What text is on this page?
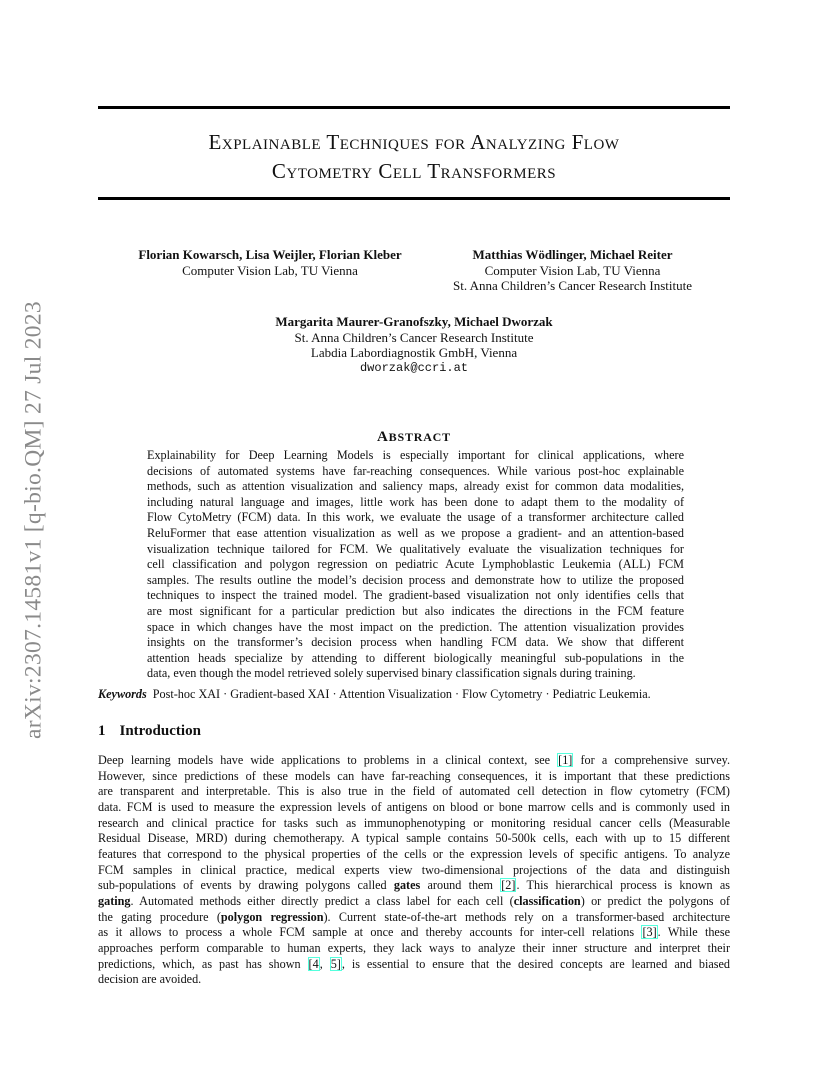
arXiv:2307.14581v1 [q-bio.QM] 27 Jul 2023
Explainable Techniques for Analyzing Flow
Cytometry Cell Transformers
Florian Kowarsch, Lisa Weijler, Florian Kleber
Computer Vision Lab, TU Vienna
Matthias Wödlinger, Michael Reiter
Computer Vision Lab, TU Vienna
St. Anna Children’s Cancer Research Institute
Margarita Maurer-Granofszky, Michael Dworzak
St. Anna Children’s Cancer Research Institute
Labdia Labordiagnostik GmbH, Vienna
dworzak@ccri.at
ABSTRACT
Explainability for Deep Learning Models is especially important for clinical applications, where
decisions of automated systems have far-reaching consequences. While various post-hoc explainable
methods, such as attention visualization and saliency maps, already exist for common data modalities,
including natural language and images, little work has been done to adapt them to the modality of
Flow CytoMetry (FCM) data. In this work, we evaluate the usage of a transformer architecture called
ReluFormer that ease attention visualization as well as we propose a gradient- and an attention-based
visualization technique tailored for FCM. We qualitatively evaluate the visualization techniques for
cell classification and polygon regression on pediatric Acute Lymphoblastic Leukemia (ALL) FCM
samples. The results outline the model’s decision process and demonstrate how to utilize the proposed
techniques to inspect the trained model. The gradient-based visualization not only identifies cells that
are most significant for a particular prediction but also indicates the directions in the FCM feature
space in which changes have the most impact on the prediction. The attention visualization provides
insights on the transformer’s decision process when handling FCM data. We show that different
attention heads specialize by attending to different biologically meaningful sub-populations in the
data, even though the model retrieved solely supervised binary classification signals during training.
Keywords Post-hoc XAI · Gradient-based XAI · Attention Visualization · Flow Cytometry · Pediatric Leukemia.
1 Introduction
Deep learning models have wide applications to problems in a clinical context, see [1] for a comprehensive survey.
However, since predictions of these models can have far-reaching consequences, it is important that these predictions
are transparent and interpretable. This is also true in the field of automated cell detection in flow cytometry (FCM)
data. FCM is used to measure the expression levels of antigens on blood or bone marrow cells and is commonly used in
research and clinical practice for tasks such as immunophenotyping or monitoring residual cancer cells (Measurable
Residual Disease, MRD) during chemotherapy. A typical sample contains 50-500k cells, each with up to 15 different
features that correspond to the physical properties of the cells or the expression levels of specific antigens. To analyze
FCM samples in clinical practice, medical experts view two-dimensional projections of the data and distinguish
sub-populations of events by drawing polygons called gates around them [2]. This hierarchical process is known as
gating. Automated methods either directly predict a class label for each cell (classification) or predict the polygons of
the gating procedure (polygon regression). Current state-of-the-art methods rely on a transformer-based architecture
as it allows to process a whole FCM sample at once and thereby accounts for inter-cell relations [3]. While these
approaches perform comparable to human experts, they lack ways to analyze their inner structure and interpret their
predictions, which, as past has shown [4, 5], is essential to ensure that the desired concepts are learned and biased
decision are avoided.
